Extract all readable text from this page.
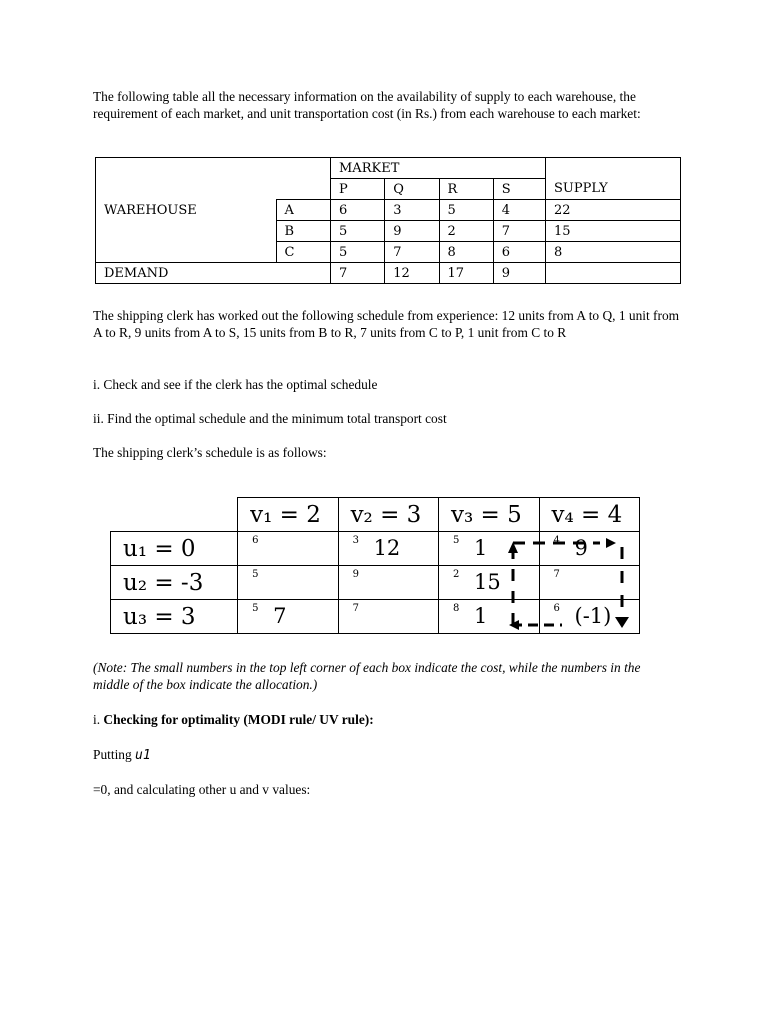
The following table all the necessary information on the availability of supply to each warehouse, the requirement of each market, and unit transportation cost (in Rs.) from each warehouse to each market:

		MARKET				
		P	Q	R	S	SUPPLY
WAREHOUSE	A	6	3	5	4	22
	B	5	9	2	7	15
	C	5	7	8	6	8
DEMAND		7	12	17	9	

The shipping clerk has worked out the following schedule from experience: 12 units from A to Q, 1 unit from A to R, 9 units from A to S, 15 units from B to R, 7 units from C to P, 1 unit from C to R

i. Check and see if the clerk has the optimal schedule

ii. Find the optimal schedule and the minimum total transport cost

The shipping clerk’s schedule is as follows:

	v₁ = 2	v₂ = 3	v₃ = 5	v₄ = 4
u₁ = 0	6	3 12	5 1	4 9

u₂ = -3	5	9	2 15	7

u₃ = 3	5 7	7	8 1	6 (-1)

(Note: The small numbers in the top left corner of each box indicate the cost, while the numbers in the middle of the box indicate the allocation.)

i. Checking for optimality (MODI rule/ UV rule):

Putting u1

=0, and calculating other u and v values:
